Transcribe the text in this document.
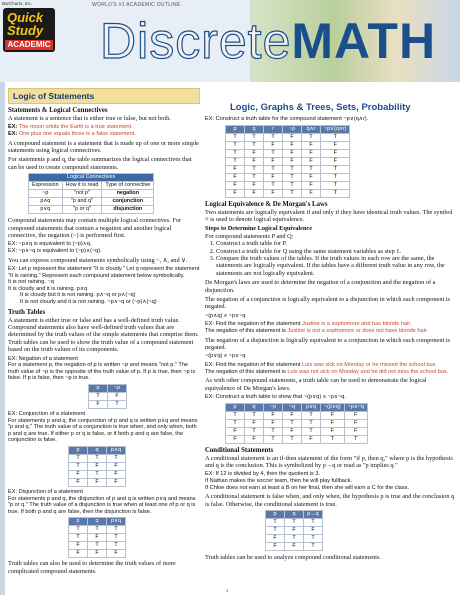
BarCharts, Inc.	WORLD'S #1 ACADEMIC OUTLINE
Quick
Study
ACADEMIC DiscreteMATH
Logic, Graphs & Trees, Sets, Probability
Logic of Statements
Statements & Logical Connectives

A statement is a sentence that is either true or false, but not both.

EX: The moon orbits the Earth is a true statement.
EX: One plus one equals three is a false statement.

A compound statement is a statement that is made up of one or more simple statements using logical connectives.

For statements p and q, the table summarizes the logical connectives that can be used to create compound statements.

Logical Connectives		
Expression	How it is read	Type of connective
~p	"not p"	negation
p∧q	"p and q"	conjunction
p∨q	"p or q"	disjunction

Compound statements may contain multiple logical connectives. For compound statements that contain a negation and another logical connective, the negation (~) is performed first.

EX: ~p∧q is equivalent to (~p)∧q.
EX: ~p∧~q is equivalent to (~p)∧(~q).

You can express compound statements symbolically using ~, ∧, and ∨.

EX: Let p represent the statement "It is cloudy." Let q represent the statement "It is raining." Represent each compound statement below symbolically.
It is not raining. ~q
It is cloudy and it is raining. p∧q
It is cloudy but it is not raining. p∧~q or p∧(~q)
It is not cloudy and it is not raining. ~p∧~q or (~p)∧(~q)
Truth Tables

A statement is either true or false and has a well-defined truth value. Compound statements also have well-defined truth values that are determined by the truth values of the simple statements that comprise them. Truth tables can be used to show the truth value of a compound statement based on the truth values of its components.

EX: Negation of a statement
For a statement p, the negation of p is written ~p and means "not p." The truth value of ~p is the opposite of the truth value of p. If p is true, then ~p is false. If p is false, then ~p is true.
p	~p
T	F
F	T
EX: Conjunction of a statement
For statements p and q, the conjunction of p and q is written p∧q and means "p and q." The truth value of a conjunction is true when, and only when, both p and q are true. If either p or q is false, or if both p and q are false, the conjunction is false.
p	q	p∧q
T	T	T
T	F	F
F	T	F
F	F	F
EX: Disjunction of a statement
For statements p and q, the disjunction of p and q is written p∨q and means "p or q." The truth value of a disjunction is true when at least one of p or q is true. If both p and q are false, then the disjunction is false.
p	q	p∨q
T	T	T
T	F	T
F	T	T
F	F	F

Truth tables can also be used to determine the truth values of more complicated compound statements.

EX: Construct a truth table for the compound statement ~p∨(q∧r).
p	q	r	~p	q∧r	~p∨(q∧r)
T	T	T	F	T	T
T	T	F	F	F	F
T	F	T	F	F	F
T	F	F	F	F	F
F	T	T	T	T	T
F	T	F	T	F	T
F	F	T	T	F	T
F	F	F	T	F	T
Logical Equivalence & De Morgan's Laws

Two statements are logically equivalent if and only if they have identical truth values. The symbol ≡ is used to denote logical equivalence.

Steps to Determine Logical Equivalence
For compound statements P and Q:
1. Construct a truth table for P.
2. Construct a truth table for Q using the same statement variables as step 1.
3. Compare the truth values of the tables. If the truth values in each row are the same, the statements are logically equivalent. If the tables have a different truth value in any row, the statements are not logically equivalent.

De Morgan's laws are used to determine the negation of a conjunction and the negation of a disjunction.

The negation of a conjunction is logically equivalent to a disjunction in which each component is negated.

~(p∧q) ≡ ~p∨~q
EX: Find the negation of the statement Justine is a sophomore and has blonde hair.
The negation of this statement is Justine is not a sophomore or does not have blonde hair.

The negation of a disjunction is logically equivalent to a conjunction in which each component is negated.

~(p∨q) ≡ ~p∧~q
EX: Find the negation of the statement Luis was sick on Monday or he missed the school bus.
The negation of this statement is Luis was not sick on Monday and he did not miss the school bus.

As with other compound statements, a truth table can be used to demonstrate the logical equivalence of De Morgan's laws.

EX: Construct a truth table to show that ~(p∨q) ≡ ~p∧~q.
p	q	~p	~q	p∨q	~(p∨q)	~p∧~q
T	T	F	F	T	F	F
T	F	F	T	T	F	F
F	T	T	F	T	F	F
F	F	T	T	F	T	T
Conditional Statements

A conditional statement is an if-then statement of the form "if p, then q," where p is the hypothesis and q is the conclusion. This is symbolized by p→q or read as "p implies q."

EX: If 12 is divided by 4, then the quotient is 3.
If Nathan makes the soccer team, then he will play fullback.
If Chloe does not earn at least a B on her final, then she will earn a C for the class.

A conditional statement is false when, and only when, the hypothesis p is true and the conclusion q is false. Otherwise, the conditional statement is true.

p	q	p→q
T	T	T
T	F	F
F	T	T
F	F	T

Truth tables can be used to analyze compound conditional statements.

1
